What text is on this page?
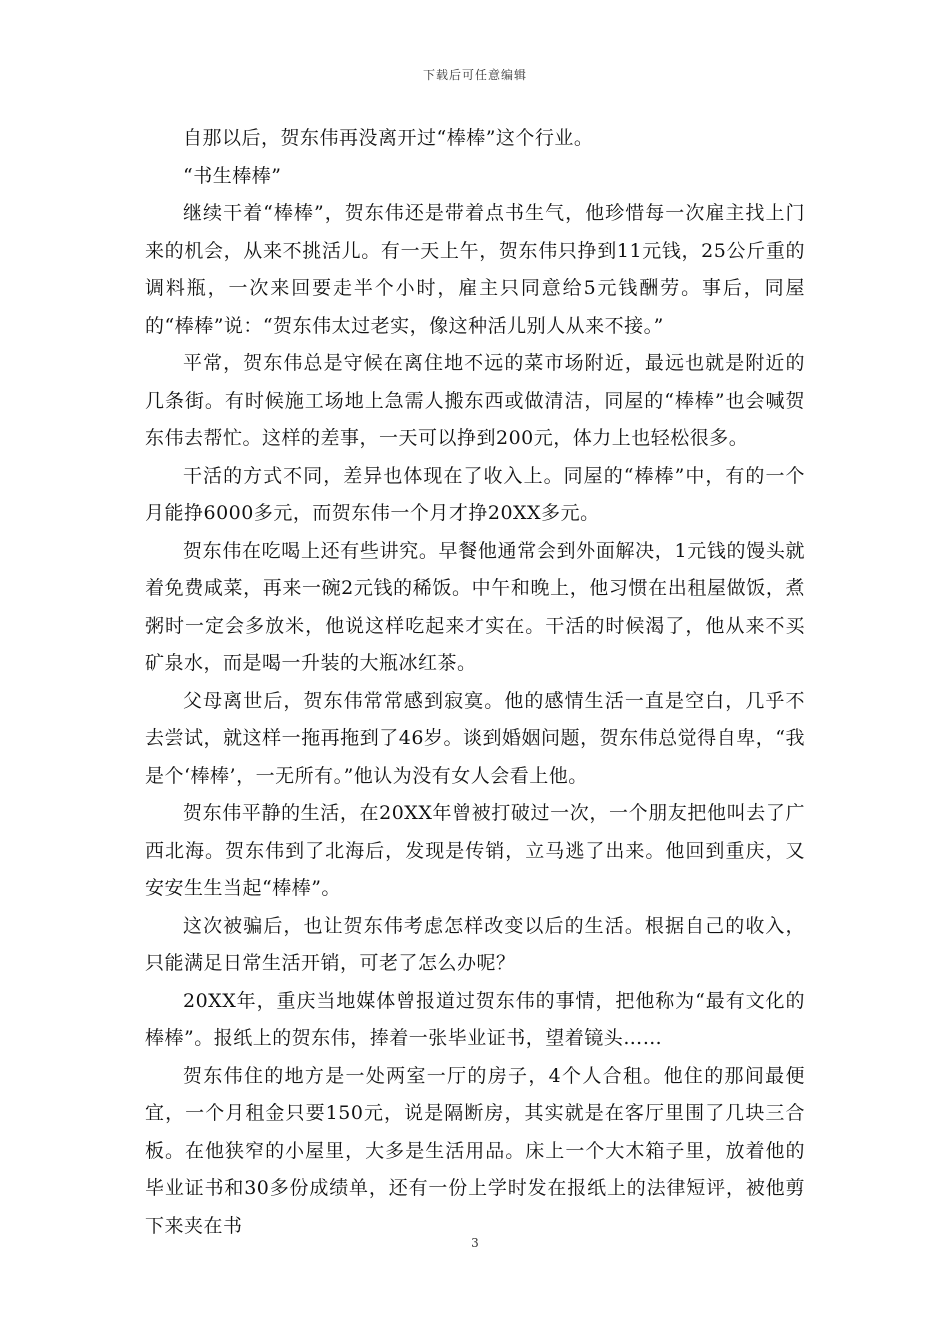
下载后可任意编辑

自那以后，贺东伟再没离开过“棒棒”这个行业。

“书生棒棒”

继续干着“棒棒”，贺东伟还是带着点书生气，他珍惜每一次雇主找上门来的机会，从来不挑活儿。有一天上午，贺东伟只挣到11元钱，25公斤重的调料瓶，一次来回要走半个小时，雇主只同意给5元钱酬劳。事后，同屋的“棒棒”说：“贺东伟太过老实，像这种活儿别人从来不接。”

平常，贺东伟总是守候在离住地不远的菜市场附近，最远也就是附近的几条街。有时候施工场地上急需人搬东西或做清洁，同屋的“棒棒”也会喊贺东伟去帮忙。这样的差事，一天可以挣到200元，体力上也轻松很多。

干活的方式不同，差异也体现在了收入上。同屋的“棒棒”中，有的一个月能挣6000多元，而贺东伟一个月才挣20XX多元。

贺东伟在吃喝上还有些讲究。早餐他通常会到外面解决，1元钱的馒头就着免费咸菜，再来一碗2元钱的稀饭。中午和晚上，他习惯在出租屋做饭，煮粥时一定会多放米，他说这样吃起来才实在。干活的时候渴了，他从来不买矿泉水，而是喝一升装的大瓶冰红茶。

父母离世后，贺东伟常常感到寂寞。他的感情生活一直是空白，几乎不去尝试，就这样一拖再拖到了46岁。谈到婚姻问题，贺东伟总觉得自卑，“我是个‘棒棒’，一无所有。”他认为没有女人会看上他。

贺东伟平静的生活，在20XX年曾被打破过一次，一个朋友把他叫去了广西北海。贺东伟到了北海后，发现是传销，立马逃了出来。他回到重庆，又安安生生当起“棒棒”。

这次被骗后，也让贺东伟考虑怎样改变以后的生活。根据自己的收入，只能满足日常生活开销，可老了怎么办呢？

20XX年，重庆当地媒体曾报道过贺东伟的事情，把他称为“最有文化的棒棒”。报纸上的贺东伟，捧着一张毕业证书，望着镜头……

贺东伟住的地方是一处两室一厅的房子，4个人合租。他住的那间最便宜，一个月租金只要150元，说是隔断房，其实就是在客厅里围了几块三合板。在他狭窄的小屋里，大多是生活用品。床上一个大木箱子里，放着他的毕业证书和30多份成绩单，还有一份上学时发在报纸上的法律短评，被他剪下来夹在书

3
